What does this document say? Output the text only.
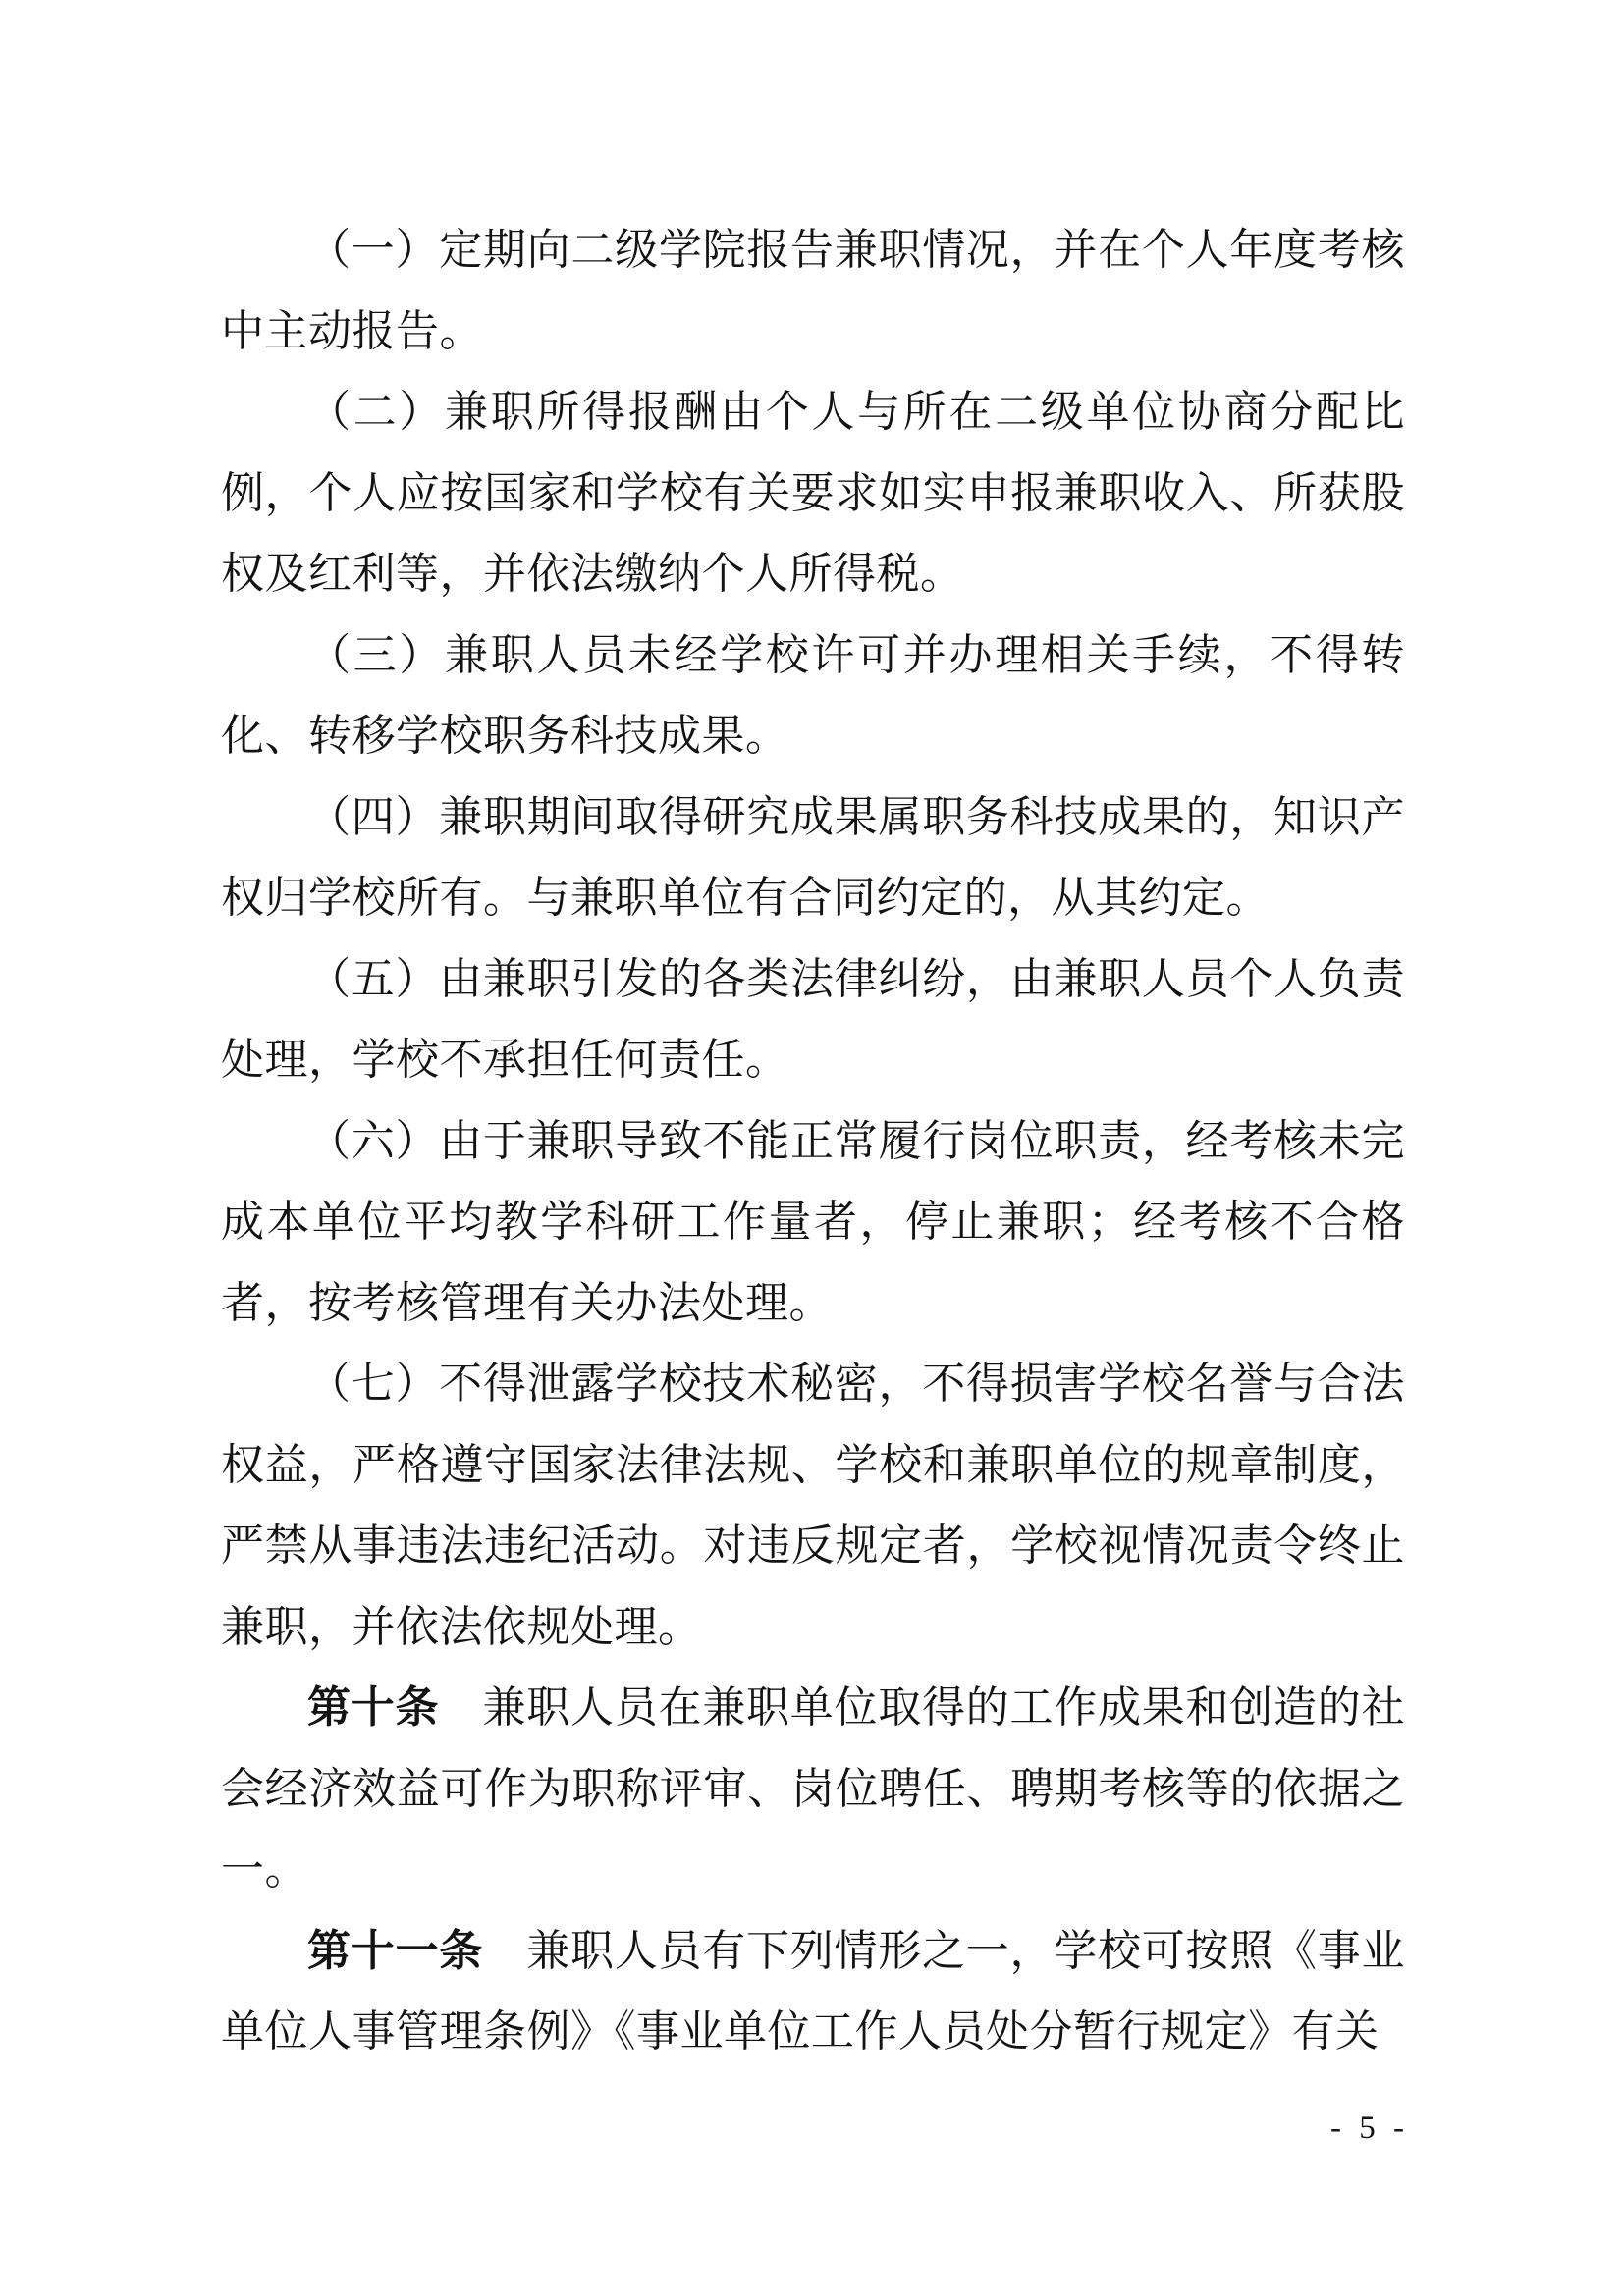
（一）定期向二级学院报告兼职情况，并在个人年度考核中主动报告。

（二）兼职所得报酬由个人与所在二级单位协商分配比例，个人应按国家和学校有关要求如实申报兼职收入、所获股权及红利等，并依法缴纳个人所得税。

（三）兼职人员未经学校许可并办理相关手续，不得转化、转移学校职务科技成果。

（四）兼职期间取得研究成果属职务科技成果的，知识产权归学校所有。与兼职单位有合同约定的，从其约定。

（五）由兼职引发的各类法律纠纷，由兼职人员个人负责处理，学校不承担任何责任。

（六）由于兼职导致不能正常履行岗位职责，经考核未完成本单位平均教学科研工作量者，停止兼职；经考核不合格者，按考核管理有关办法处理。

（七）不得泄露学校技术秘密，不得损害学校名誉与合法权益，严格遵守国家法律法规、学校和兼职单位的规章制度，严禁从事违法违纪活动。对违反规定者，学校视情况责令终止兼职，并依法依规处理。

第十条 兼职人员在兼职单位取得的工作成果和创造的社会经济效益可作为职称评审、岗位聘任、聘期考核等的依据之一。

第十一条 兼职人员有下列情形之一，学校可按照《事业单位人事管理条例》《事业单位工作人员处分暂行规定》有关

- 5 -
